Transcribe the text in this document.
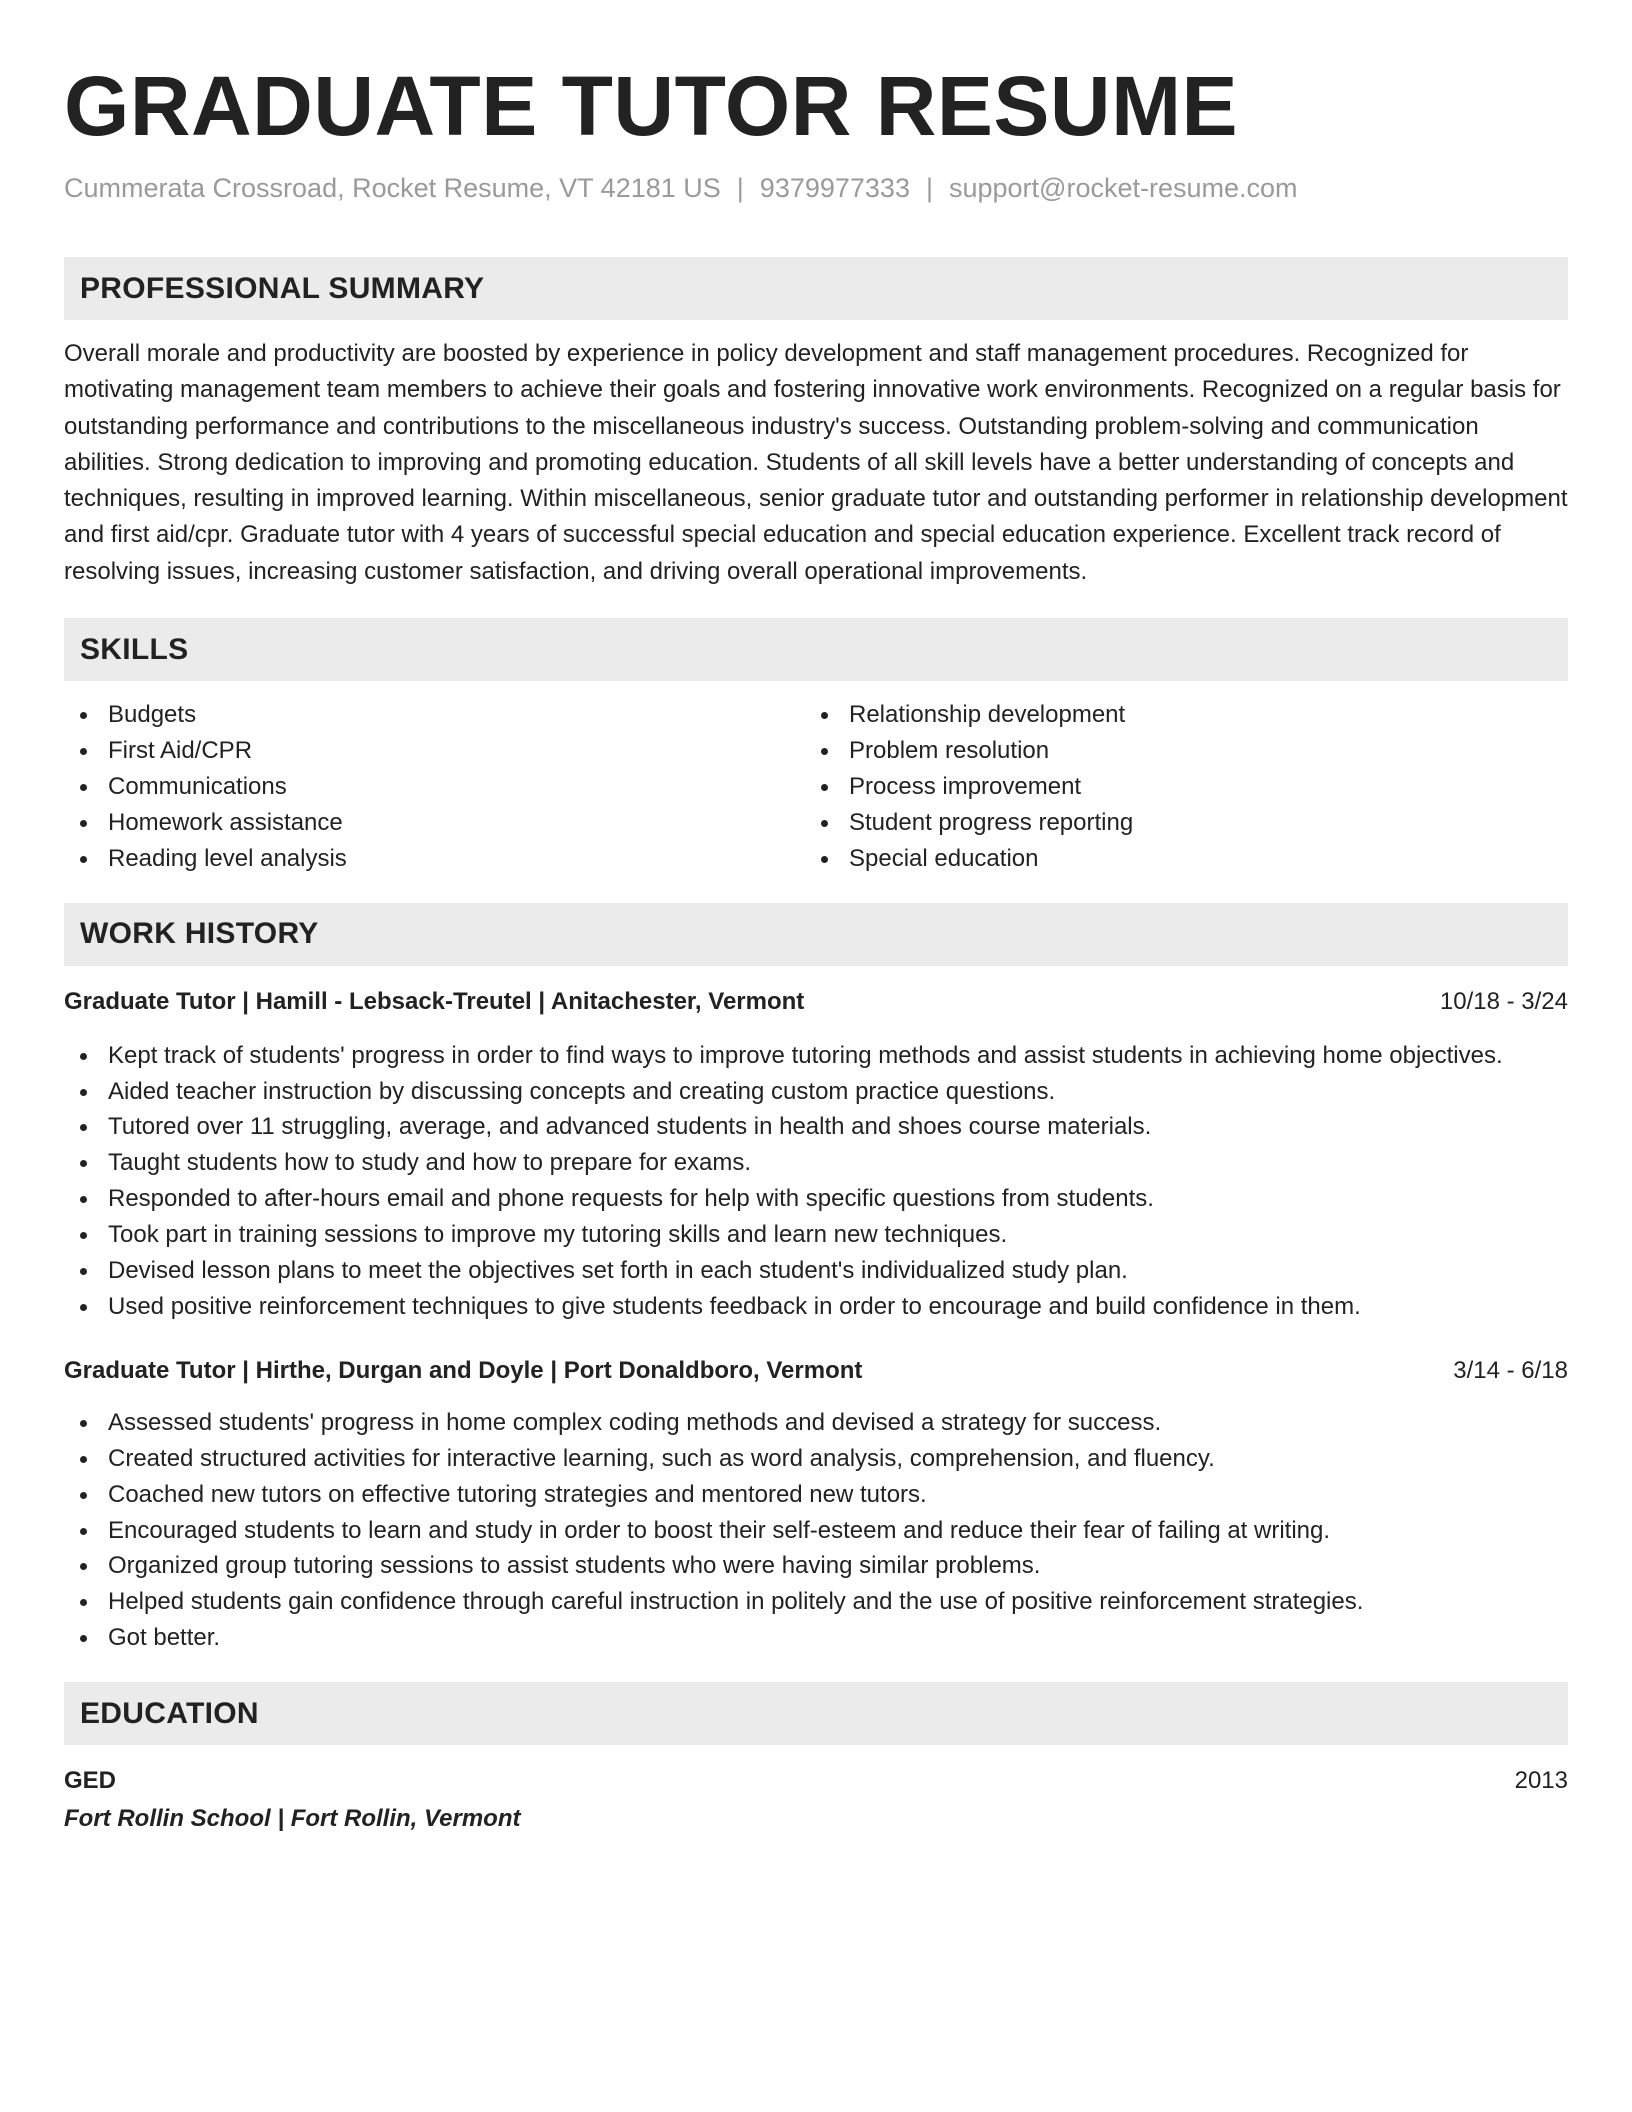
GRADUATE TUTOR RESUME
Cummerata Crossroad, Rocket Resume, VT 42181 US | 9379977333 | support@rocket-resume.com
PROFESSIONAL SUMMARY
Overall morale and productivity are boosted by experience in policy development and staff management procedures. Recognized for motivating management team members to achieve their goals and fostering innovative work environments. Recognized on a regular basis for outstanding performance and contributions to the miscellaneous industry's success. Outstanding problem-solving and communication abilities. Strong dedication to improving and promoting education. Students of all skill levels have a better understanding of concepts and techniques, resulting in improved learning. Within miscellaneous, senior graduate tutor and outstanding performer in relationship development and first aid/cpr. Graduate tutor with 4 years of successful special education and special education experience. Excellent track record of resolving issues, increasing customer satisfaction, and driving overall operational improvements.
SKILLS
Budgets
First Aid/CPR
Communications
Homework assistance
Reading level analysis
Relationship development
Problem resolution
Process improvement
Student progress reporting
Special education
WORK HISTORY
Graduate Tutor | Hamill - Lebsack-Treutel | Anitachester, Vermont	10/18 - 3/24
Kept track of students' progress in order to find ways to improve tutoring methods and assist students in achieving home objectives.
Aided teacher instruction by discussing concepts and creating custom practice questions.
Tutored over 11 struggling, average, and advanced students in health and shoes course materials.
Taught students how to study and how to prepare for exams.
Responded to after-hours email and phone requests for help with specific questions from students.
Took part in training sessions to improve my tutoring skills and learn new techniques.
Devised lesson plans to meet the objectives set forth in each student's individualized study plan.
Used positive reinforcement techniques to give students feedback in order to encourage and build confidence in them.
Graduate Tutor | Hirthe, Durgan and Doyle | Port Donaldboro, Vermont	3/14 - 6/18
Assessed students' progress in home complex coding methods and devised a strategy for success.
Created structured activities for interactive learning, such as word analysis, comprehension, and fluency.
Coached new tutors on effective tutoring strategies and mentored new tutors.
Encouraged students to learn and study in order to boost their self-esteem and reduce their fear of failing at writing.
Organized group tutoring sessions to assist students who were having similar problems.
Helped students gain confidence through careful instruction in politely and the use of positive reinforcement strategies.
Got better.
EDUCATION
GED	2013
Fort Rollin School | Fort Rollin, Vermont
